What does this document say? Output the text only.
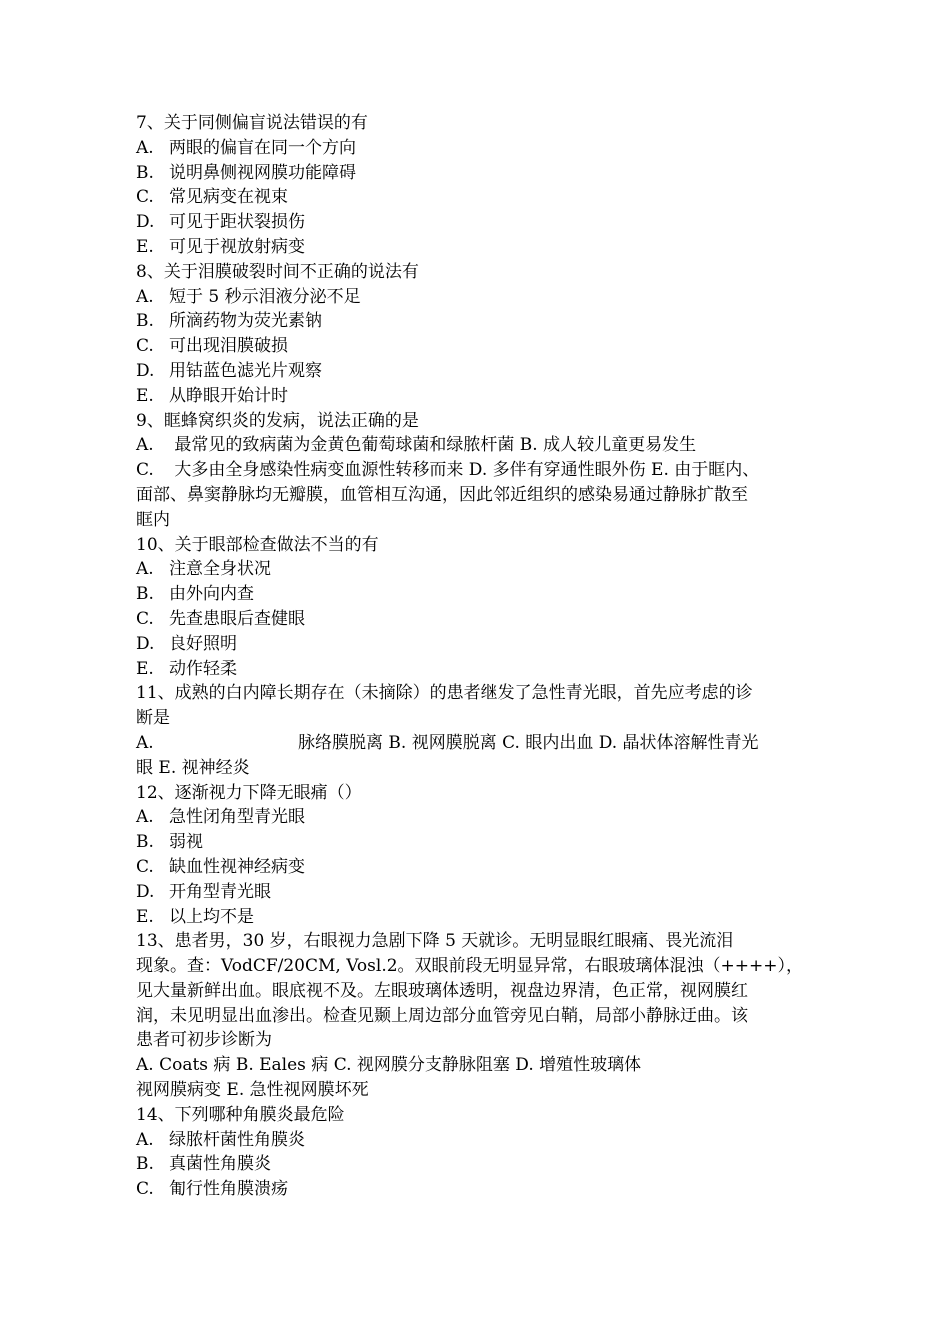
7、关于同侧偏盲说法错误的有
A. 两眼的偏盲在同一个方向
B. 说明鼻侧视网膜功能障碍
C. 常见病变在视束
D. 可见于距状裂损伤
E. 可见于视放射病变
8、关于泪膜破裂时间不正确的说法有
A. 短于 5 秒示泪液分泌不足
B. 所滴药物为荧光素钠
C. 可出现泪膜破损
D. 用钴蓝色滤光片观察
E. 从睁眼开始计时
9、眶蜂窝织炎的发病，说法正确的是
A. 最常见的致病菌为金黄色葡萄球菌和绿脓杆菌 B. 成人较儿童更易发生
C. 大多由全身感染性病变血源性转移而来 D. 多伴有穿通性眼外伤 E. 由于眶内、
面部、鼻窦静脉均无瓣膜，血管相互沟通，因此邻近组织的感染易通过静脉扩散至
眶内
10、关于眼部检查做法不当的有
A. 注意全身状况
B. 由外向内查
C. 先查患眼后查健眼
D. 良好照明
E. 动作轻柔
11、成熟的白内障长期存在（未摘除）的患者继发了急性青光眼，首先应考虑的诊
断是
A.	脉络膜脱离 B. 视网膜脱离 C. 眼内出血 D. 晶状体溶解性青光
眼 E. 视神经炎
12、逐渐视力下降无眼痛（）
A. 急性闭角型青光眼
B. 弱视
C. 缺血性视神经病变
D. 开角型青光眼
E. 以上均不是
13、患者男，30 岁，右眼视力急剧下降 5 天就诊。无明显眼红眼痛、畏光流泪
现象。查：VodCF/20CM, Vosl.2。双眼前段无明显异常，右眼玻璃体混浊（++++），
见大量新鲜出血。眼底视不及。左眼玻璃体透明，视盘边界清，色正常，视网膜红
润，未见明显出血渗出。检查见颞上周边部分血管旁见白鞘，局部小静脉迂曲。该
患者可初步诊断为
A. Coats 病 B. Eales 病 C. 视网膜分支静脉阻塞 D. 增殖性玻璃体
视网膜病变 E. 急性视网膜坏死
14、下列哪种角膜炎最危险
A. 绿脓杆菌性角膜炎
B. 真菌性角膜炎
C. 匍行性角膜溃疡
